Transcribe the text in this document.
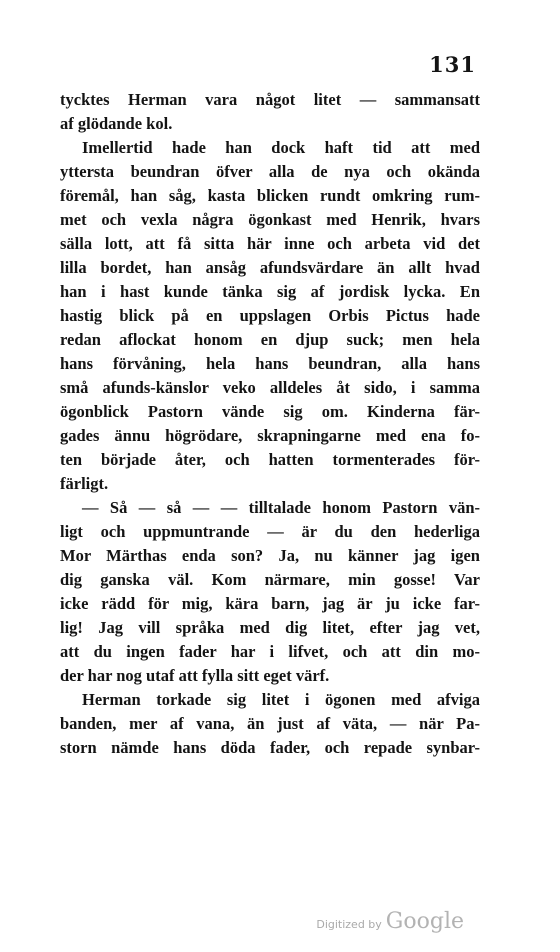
131
tycktes Herman vara något litet — sammansatt
af glödande kol.
Imellertid hade han dock haft tid att med
yttersta beundran öfver alla de nya och okända
föremål, han såg, kasta blicken rundt omkring rum-
met och vexla några ögonkast med Henrik, hvars
sälla lott, att få sitta här inne och arbeta vid det
lilla bordet, han ansåg afundsvärdare än allt hvad
han i hast kunde tänka sig af jordisk lycka. En
hastig blick på en uppslagen Orbis Pictus hade
redan aflockat honom en djup suck; men hela
hans förvåning, hela hans beundran, alla hans
små afunds-känslor veko alldeles åt sido, i samma
ögonblick Pastorn vände sig om. Kinderna fär-
gades ännu högrödare, skrapningarne med ena fo-
ten började åter, och hatten tormenterades för-
färligt.
— Så — så — — tilltalade honom Pastorn vän-
ligt och uppmuntrande — är du den hederliga
Mor Märthas enda son? Ja, nu känner jag igen
dig ganska väl. Kom närmare, min gosse! Var
icke rädd för mig, kära barn, jag är ju icke far-
lig! Jag vill språka med dig litet, efter jag vet,
att du ingen fader har i lifvet, och att din mo-
der har nog utaf att fylla sitt eget värf.
Herman torkade sig litet i ögonen med afviga
banden, mer af vana, än just af väta, — när Pa-
storn nämde hans döda fader, och repade synbar-
Digitized by Google
